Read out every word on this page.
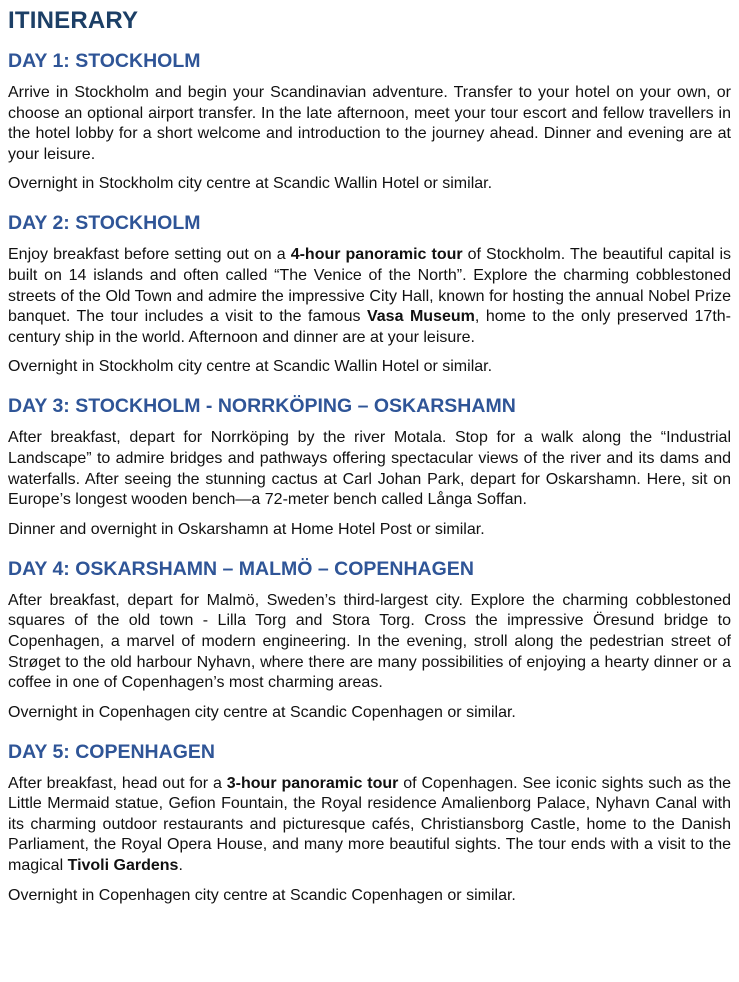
ITINERARY
DAY 1: STOCKHOLM

Arrive in Stockholm and begin your Scandinavian adventure. Transfer to your hotel on your own, or choose an optional airport transfer. In the late afternoon, meet your tour escort and fellow travellers in the hotel lobby for a short welcome and introduction to the journey ahead. Dinner and evening are at your leisure.

Overnight in Stockholm city centre at Scandic Wallin Hotel or similar.

DAY 2: STOCKHOLM

Enjoy breakfast before setting out on a 4-hour panoramic tour of Stockholm. The beautiful capital is built on 14 islands and often called “The Venice of the North”. Explore the charming cobblestoned streets of the Old Town and admire the impressive City Hall, known for hosting the annual Nobel Prize banquet. The tour includes a visit to the famous Vasa Museum, home to the only preserved 17th-century ship in the world. Afternoon and dinner are at your leisure.

Overnight in Stockholm city centre at Scandic Wallin Hotel or similar.

DAY 3: STOCKHOLM - NORRKÖPING – OSKARSHAMN

After breakfast, depart for Norrköping by the river Motala. Stop for a walk along the “Industrial Landscape” to admire bridges and pathways offering spectacular views of the river and its dams and waterfalls. After seeing the stunning cactus at Carl Johan Park, depart for Oskarshamn. Here, sit on Europe’s longest wooden bench—a 72-meter bench called Långa Soffan.

Dinner and overnight in Oskarshamn at Home Hotel Post or similar.

DAY 4: OSKARSHAMN – MALMÖ – COPENHAGEN

After breakfast, depart for Malmö, Sweden’s third-largest city. Explore the charming cobblestoned squares of the old town - Lilla Torg and Stora Torg. Cross the impressive Öresund bridge to Copenhagen, a marvel of modern engineering. In the evening, stroll along the pedestrian street of Strøget to the old harbour Nyhavn, where there are many possibilities of enjoying a hearty dinner or a coffee in one of Copenhagen’s most charming areas.

Overnight in Copenhagen city centre at Scandic Copenhagen or similar.

DAY 5: COPENHAGEN

After breakfast, head out for a 3-hour panoramic tour of Copenhagen. See iconic sights such as the Little Mermaid statue, Gefion Fountain, the Royal residence Amalienborg Palace, Nyhavn Canal with its charming outdoor restaurants and picturesque cafés, Christiansborg Castle, home to the Danish Parliament, the Royal Opera House, and many more beautiful sights. The tour ends with a visit to the magical Tivoli Gardens.

Overnight in Copenhagen city centre at Scandic Copenhagen or similar.
